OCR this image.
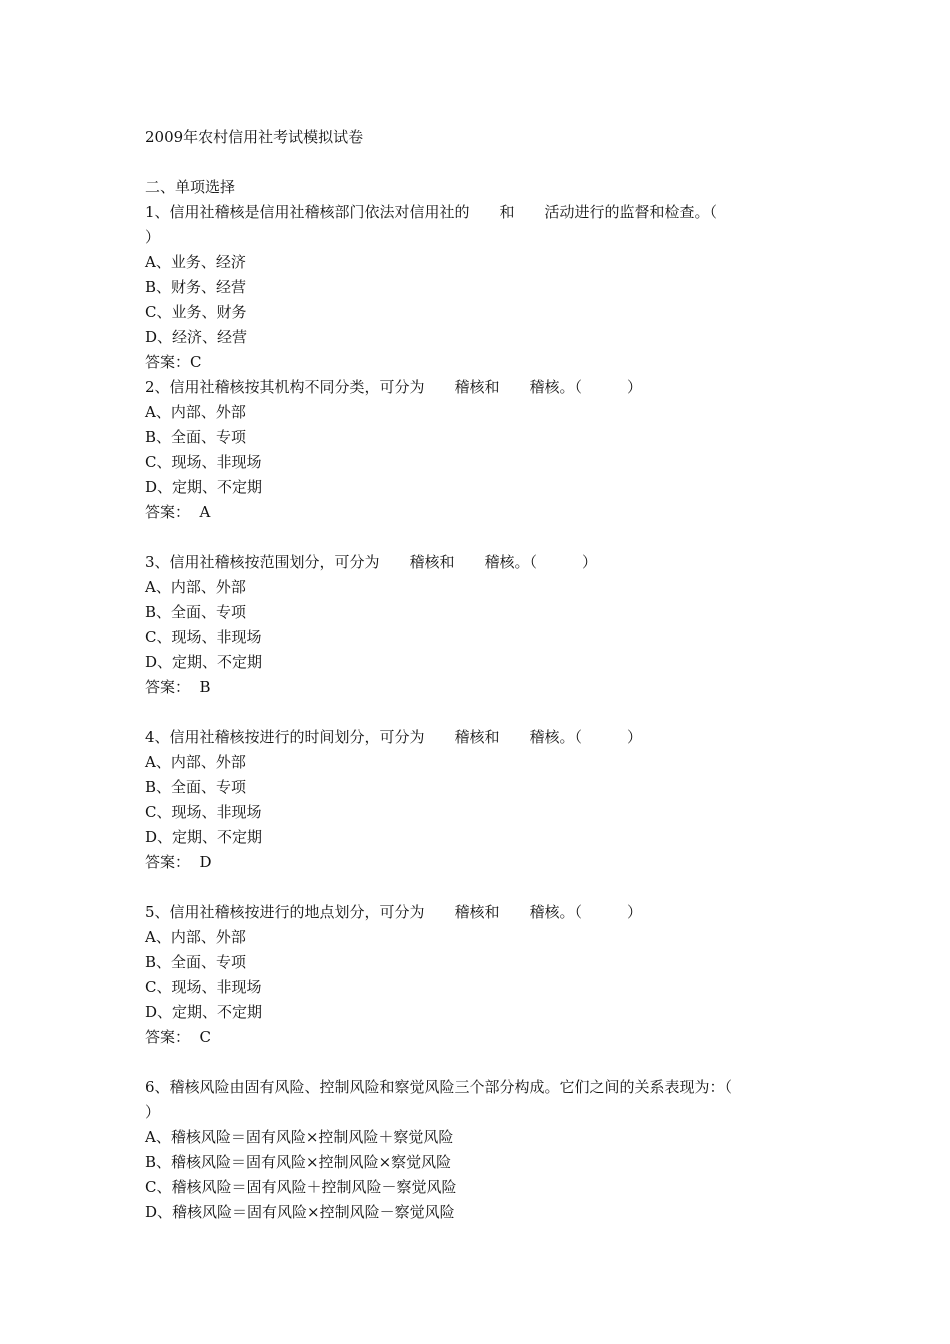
2009年农村信用社考试模拟试卷
二、单项选择
1、信用社稽核是信用社稽核部门依法对信用社的　　和　　活动进行的监督和检查。（
）
A、业务、经济
B、财务、经营
C、业务、财务
D、经济、经营
答案：C
2、信用社稽核按其机构不同分类，可分为　　稽核和　　稽核。（　　　）
A、内部、外部
B、全面、专项
C、现场、非现场
D、定期、不定期
答案：  A
3、信用社稽核按范围划分，可分为　　稽核和　　稽核。（　　　）
A、内部、外部
B、全面、专项
C、现场、非现场
D、定期、不定期
答案：  B
4、信用社稽核按进行的时间划分，可分为　　稽核和　　稽核。（　　　）
A、内部、外部
B、全面、专项
C、现场、非现场
D、定期、不定期
答案：  D
5、信用社稽核按进行的地点划分，可分为　　稽核和　　稽核。（　　　）
A、内部、外部
B、全面、专项
C、现场、非现场
D、定期、不定期
答案：  C
6、稽核风险由固有风险、控制风险和察觉风险三个部分构成。它们之间的关系表现为：（
）
A、稽核风险＝固有风险×控制风险＋察觉风险
B、稽核风险＝固有风险×控制风险×察觉风险
C、稽核风险＝固有风险＋控制风险－察觉风险
D、稽核风险＝固有风险×控制风险－察觉风险
